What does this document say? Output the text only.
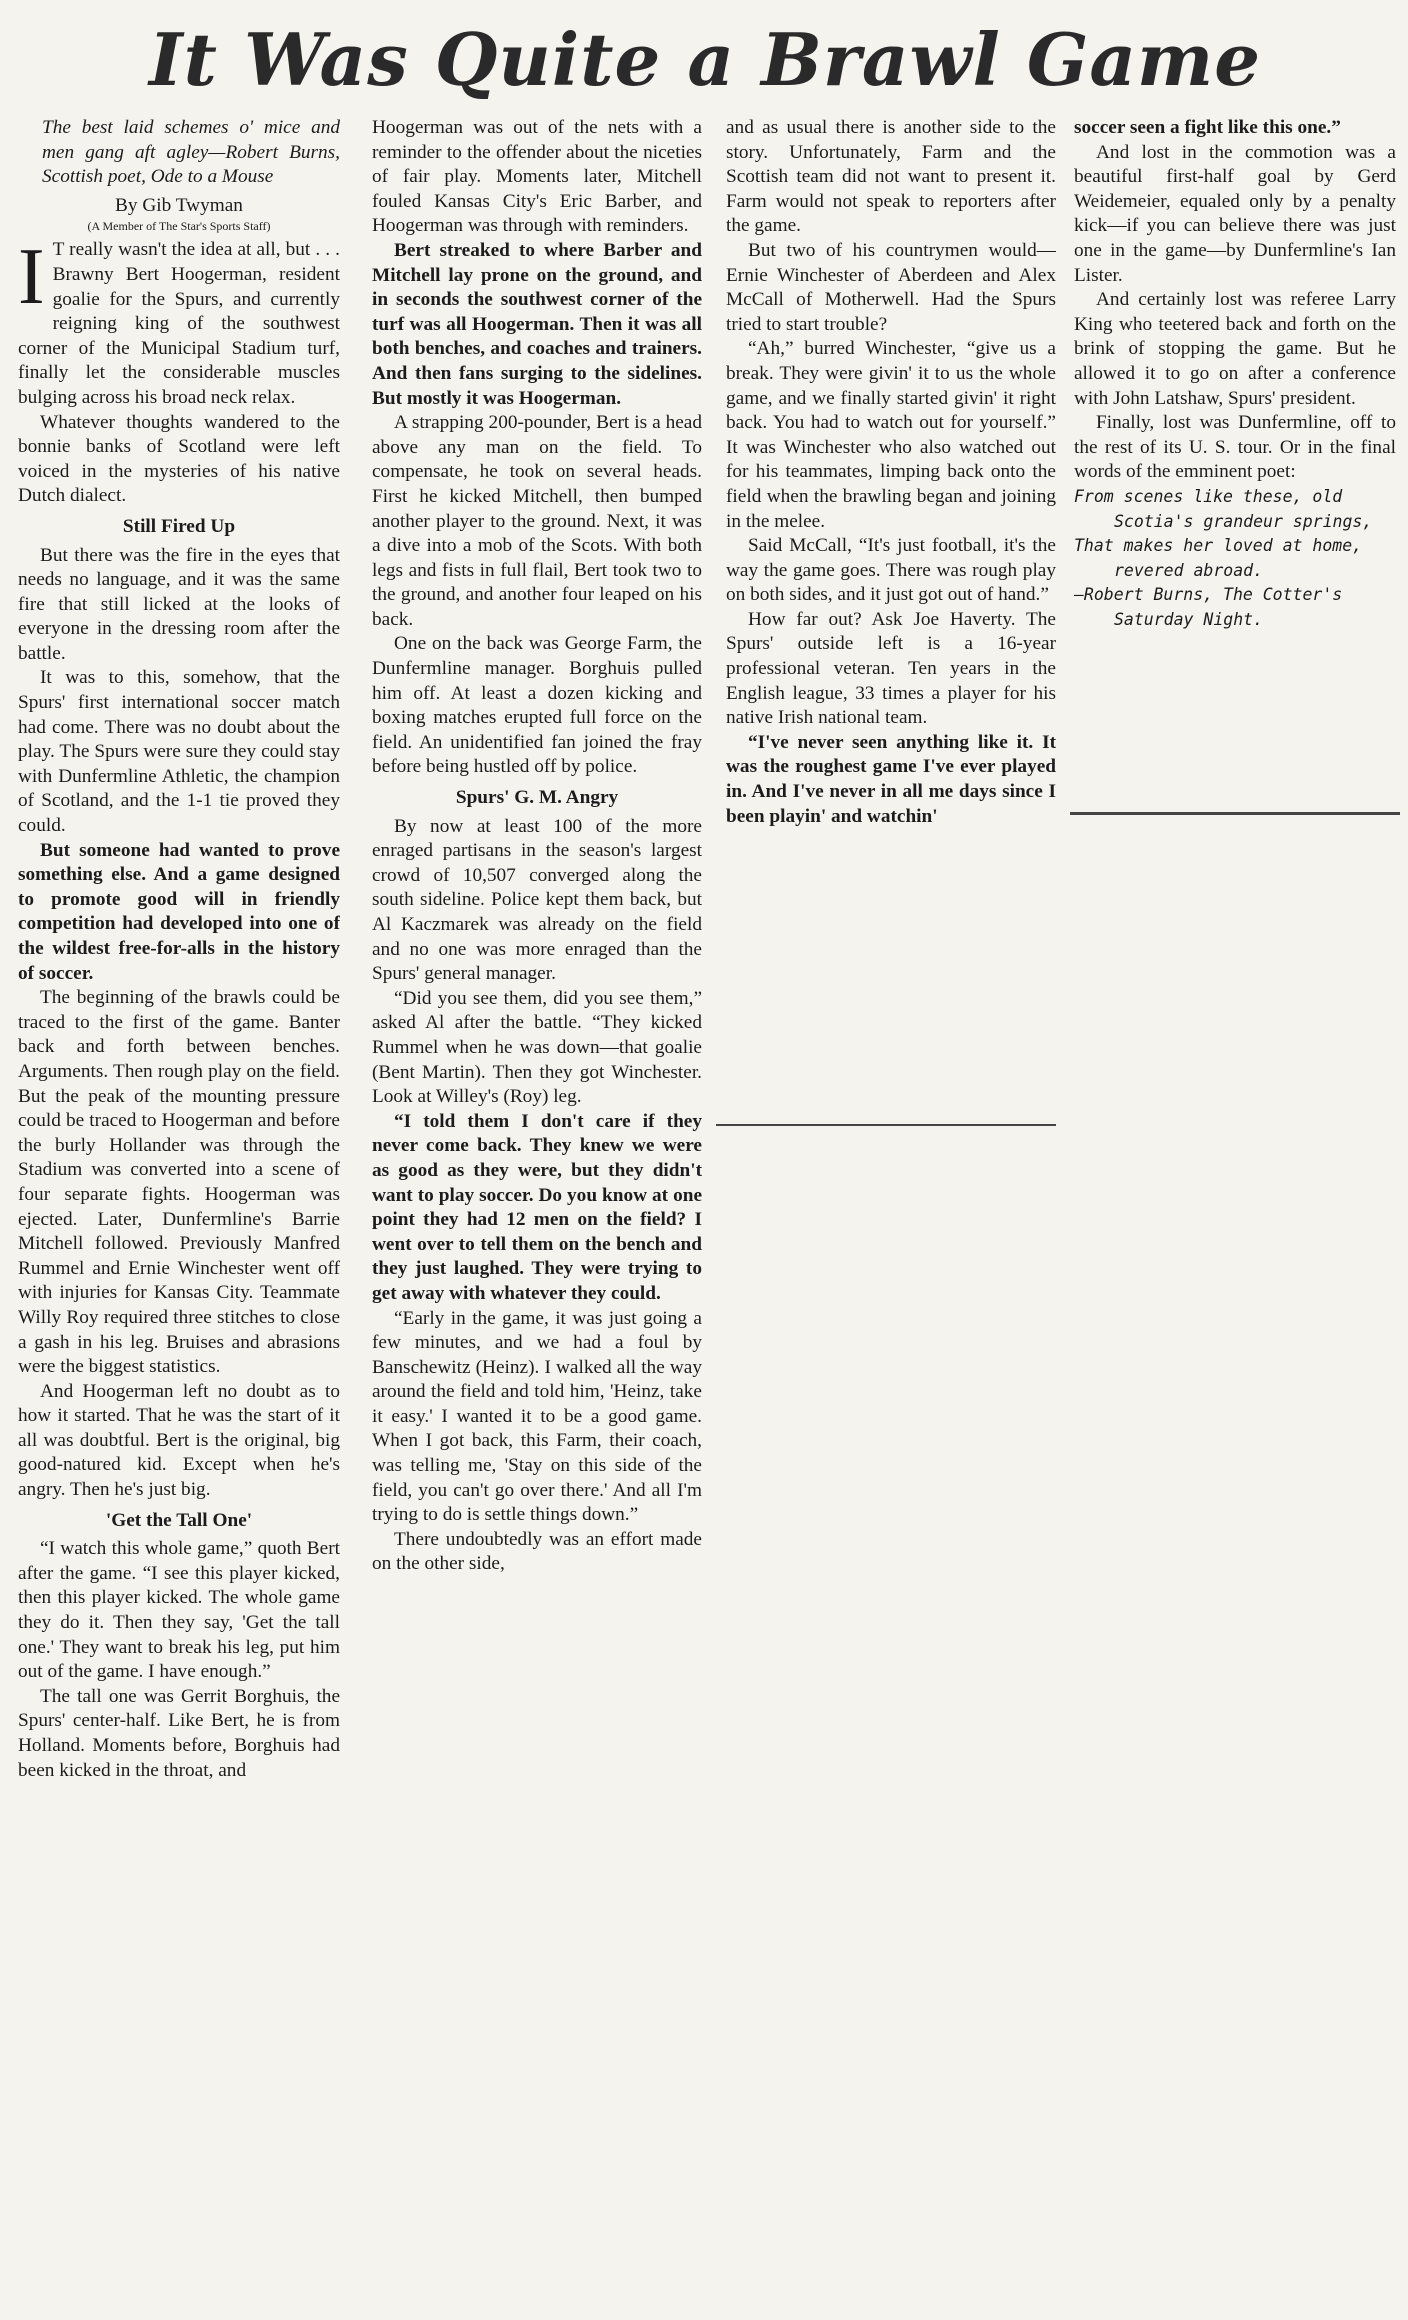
It Was Quite a Brawl Game

The best laid schemes o' mice and men gang aft agley—Robert Burns, Scottish poet, Ode to a Mouse

By Gib Twyman

(A Member of The Star's Sports Staff)

I T really wasn't the idea at all, but . . . Brawny Bert Hoogerman, resident goalie for the Spurs, and currently reigning king of the southwest corner of the Municipal Stadium turf, finally let the considerable muscles bulging across his broad neck relax.

Whatever thoughts wandered to the bonnie banks of Scotland were left voiced in the mysteries of his native Dutch dialect.

Still Fired Up

But there was the fire in the eyes that needs no language, and it was the same fire that still licked at the looks of everyone in the dressing room after the battle.

It was to this, somehow, that the Spurs' first international soccer match had come. There was no doubt about the play. The Spurs were sure they could stay with Dunfermline Athletic, the champion of Scotland, and the 1-1 tie proved they could.

But someone had wanted to prove something else. And a game designed to promote good will in friendly competition had developed into one of the wildest free-for-alls in the history of soccer.

The beginning of the brawls could be traced to the first of the game. Banter back and forth between benches. Arguments. Then rough play on the field. But the peak of the mounting pressure could be traced to Hoogerman and before the burly Hollander was through the Stadium was converted into a scene of four separate fights. Hoogerman was ejected. Later, Dunfermline's Barrie Mitchell followed. Previously Manfred Rummel and Ernie Winchester went off with injuries for Kansas City. Teammate Willy Roy required three stitches to close a gash in his leg. Bruises and abrasions were the biggest statistics.

And Hoogerman left no doubt as to how it started. That he was the start of it all was doubtful. Bert is the original, big good-natured kid. Except when he's angry. Then he's just big.

'Get the Tall One'

“I watch this whole game,” quoth Bert after the game. “I see this player kicked, then this player kicked. The whole game they do it. Then they say, 'Get the tall one.' They want to break his leg, put him out of the game. I have enough.”

The tall one was Gerrit Borghuis, the Spurs' center-half. Like Bert, he is from Holland. Moments before, Borghuis had been kicked in the throat, and

Hoogerman was out of the nets with a reminder to the offender about the niceties of fair play. Moments later, Mitchell fouled Kansas City's Eric Barber, and Hoogerman was through with reminders.

Bert streaked to where Barber and Mitchell lay prone on the ground, and in seconds the southwest corner of the turf was all Hoogerman. Then it was all both benches, and coaches and trainers. And then fans surging to the sidelines. But mostly it was Hoogerman.

A strapping 200-pounder, Bert is a head above any man on the field. To compensate, he took on several heads. First he kicked Mitchell, then bumped another player to the ground. Next, it was a dive into a mob of the Scots. With both legs and fists in full flail, Bert took two to the ground, and another four leaped on his back.

One on the back was George Farm, the Dunfermline manager. Borghuis pulled him off. At least a dozen kicking and boxing matches erupted full force on the field. An unidentified fan joined the fray before being hustled off by police.

Spurs' G. M. Angry

By now at least 100 of the more enraged partisans in the season's largest crowd of 10,507 converged along the south sideline. Police kept them back, but Al Kaczmarek was already on the field and no one was more enraged than the Spurs' general manager.

“Did you see them, did you see them,” asked Al after the battle. “They kicked Rummel when he was down—that goalie (Bent Martin). Then they got Winchester. Look at Willey's (Roy) leg.

“I told them I don't care if they never come back. They knew we were as good as they were, but they didn't want to play soccer. Do you know at one point they had 12 men on the field? I went over to tell them on the bench and they just laughed. They were trying to get away with whatever they could.

“Early in the game, it was just going a few minutes, and we had a foul by Banschewitz (Heinz). I walked all the way around the field and told him, 'Heinz, take it easy.' I wanted it to be a good game. When I got back, this Farm, their coach, was telling me, 'Stay on this side of the field, you can't go over there.' And all I'm trying to do is settle things down.”

There undoubtedly was an effort made on the other side,

and as usual there is another side to the story. Unfortunately, Farm and the Scottish team did not want to present it. Farm would not speak to reporters after the game.

But two of his countrymen would—Ernie Winchester of Aberdeen and Alex McCall of Motherwell. Had the Spurs tried to start trouble?

“Ah,” burred Winchester, “give us a break. They were givin' it to us the whole game, and we finally started givin' it right back. You had to watch out for yourself.” It was Winchester who also watched out for his teammates, limping back onto the field when the brawling began and joining in the melee.

Said McCall, “It's just football, it's the way the game goes. There was rough play on both sides, and it just got out of hand.”

How far out? Ask Joe Haverty. The Spurs' outside left is a 16-year professional veteran. Ten years in the English league, 33 times a player for his native Irish national team.

“I've never seen anything like it. It was the roughest game I've ever played in. And I've never in all me days since I been playin' and watchin'

soccer seen a fight like this one.”

And lost in the commotion was a beautiful first-half goal by Gerd Weidemeier, equaled only by a penalty kick—if you can believe there was just one in the game—by Dunfermline's Ian Lister.

And certainly lost was referee Larry King who teetered back and forth on the brink of stopping the game. But he allowed it to go on after a conference with John Latshaw, Spurs' president.

Finally, lost was Dunfermline, off to the rest of its U. S. tour. Or in the final words of the emminent poet:

From scenes like these, old

Scotia's grandeur springs,

That makes her loved at home,

revered abroad.

—Robert Burns, The Cotter's

Saturday Night.
